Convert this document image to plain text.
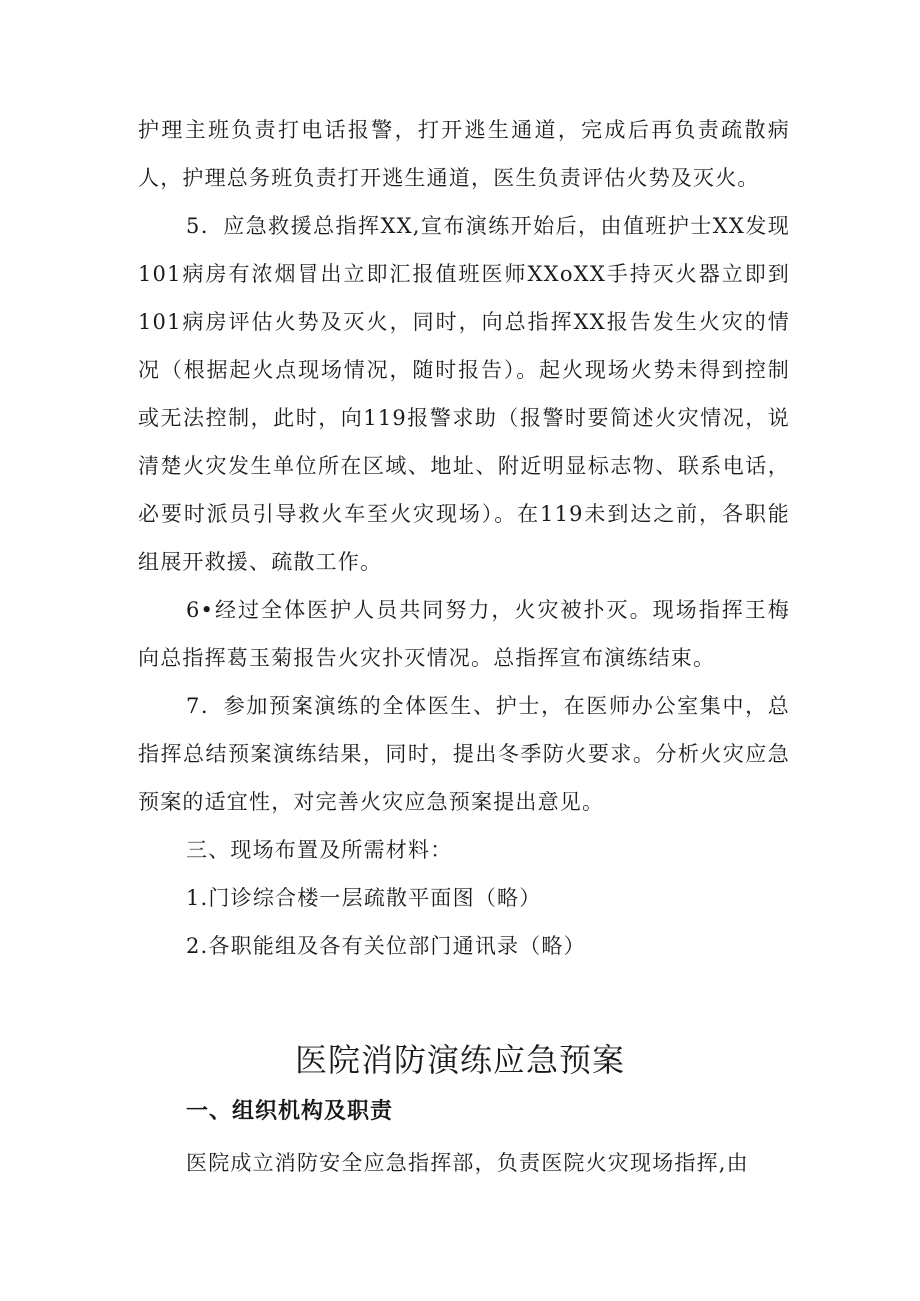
护理主班负责打电话报警，打开逃生通道，完成后再负责疏散病人，护理总务班负责打开逃生通道，医生负责评估火势及灭火。

5．应急救援总指挥XX,宣布演练开始后，由值班护士XX发现101病房有浓烟冒出立即汇报值班医师XXoXX手持灭火器立即到101病房评估火势及灭火，同时，向总指挥XX报告发生火灾的情况（根据起火点现场情况，随时报告）。起火现场火势未得到控制或无法控制，此时，向119报警求助（报警时要简述火灾情况，说清楚火灾发生单位所在区域、地址、附近明显标志物、联系电话，必要时派员引导救火车至火灾现场）。在119未到达之前，各职能组展开救援、疏散工作。

6•经过全体医护人员共同努力，火灾被扑灭。现场指挥王梅向总指挥葛玉菊报告火灾扑灭情况。总指挥宣布演练结束。

7．参加预案演练的全体医生、护士，在医师办公室集中，总指挥总结预案演练结果，同时，提出冬季防火要求。分析火灾应急预案的适宜性，对完善火灾应急预案提出意见。

三、现场布置及所需材料：

1.门诊综合楼一层疏散平面图（略）

2.各职能组及各有关位部门通讯录（略）

医院消防演练应急预案
一、组织机构及职责

医院成立消防安全应急指挥部，负责医院火灾现场指挥,由
